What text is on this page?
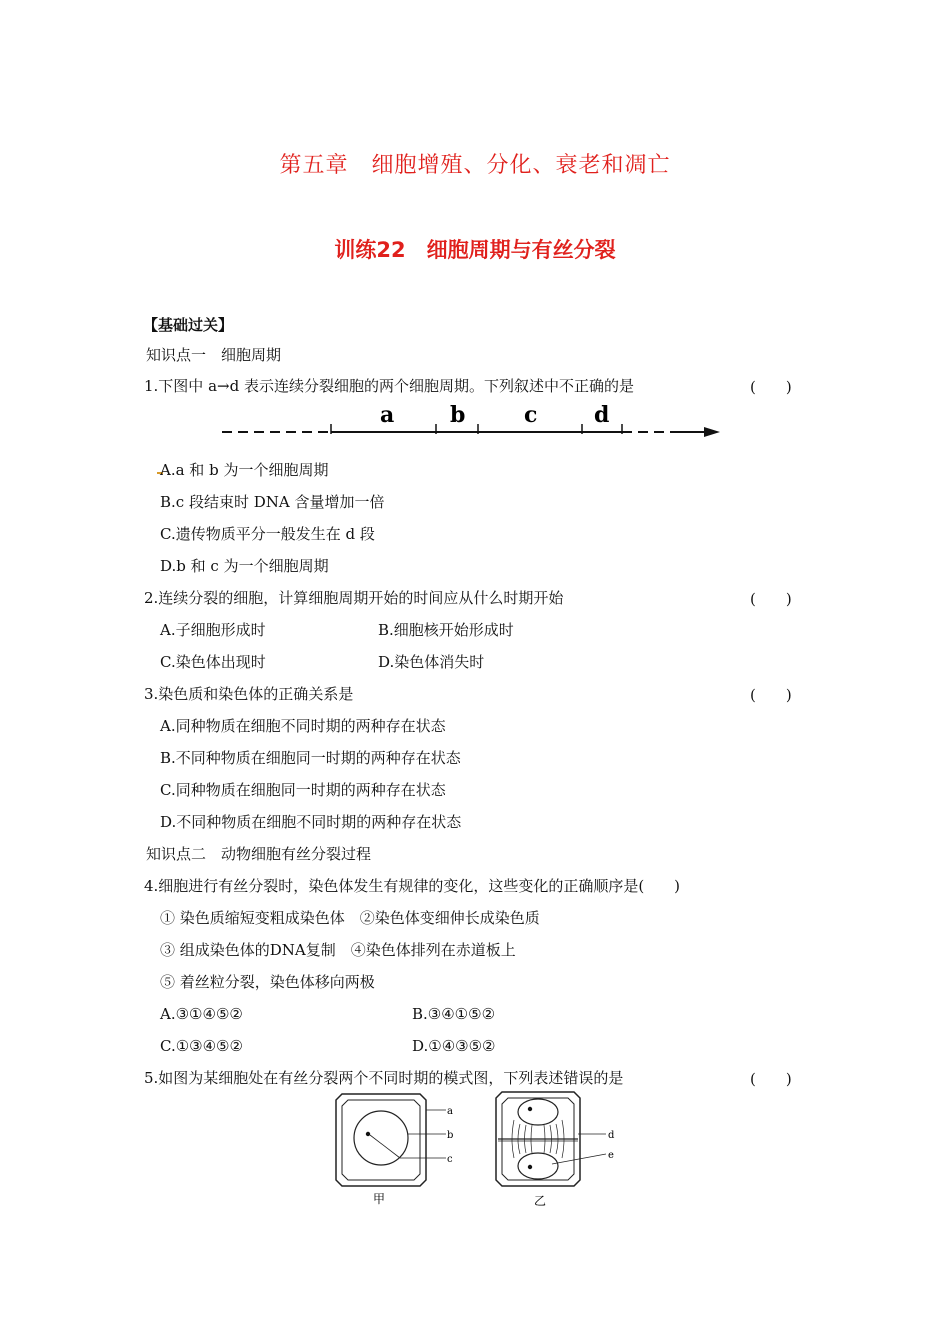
第五章　细胞增殖、分化、衰老和凋亡
训练22　细胞周期与有丝分裂
【基础过关】
知识点一　细胞周期
1.下图中 a→d 表示连续分裂细胞的两个细胞周期。下列叙述中不正确的是	(　　)
a	b	c	d
A.a 和 b 为一个细胞周期
B.c 段结束时 DNA 含量增加一倍
C.遗传物质平分一般发生在 d 段
D.b 和 c 为一个细胞周期
2.连续分裂的细胞，计算细胞周期开始的时间应从什么时期开始	(　　)
A.子细胞形成时	B.细胞核开始形成时
C.染色体出现时	D.染色体消失时
3.染色质和染色体的正确关系是	(　　)
A.同种物质在细胞不同时期的两种存在状态
B.不同种物质在细胞同一时期的两种存在状态
C.同种物质在细胞同一时期的两种存在状态
D.不同种物质在细胞不同时期的两种存在状态
知识点二　动物细胞有丝分裂过程
4.细胞进行有丝分裂时，染色体发生有规律的变化，这些变化的正确顺序是(　　)
① 染色质缩短变粗成染色体　②染色体变细伸长成染色质
③ 组成染色体的DNA复制　④染色体排列在赤道板上
⑤ 着丝粒分裂，染色体移向两极
A.③①④⑤②	B.③④①⑤②
C.①③④⑤②	D.①④③⑤②
5.如图为某细胞处在有丝分裂两个不同时期的模式图，下列表述错误的是	(　　)
a
b
c
甲
d
e
乙
